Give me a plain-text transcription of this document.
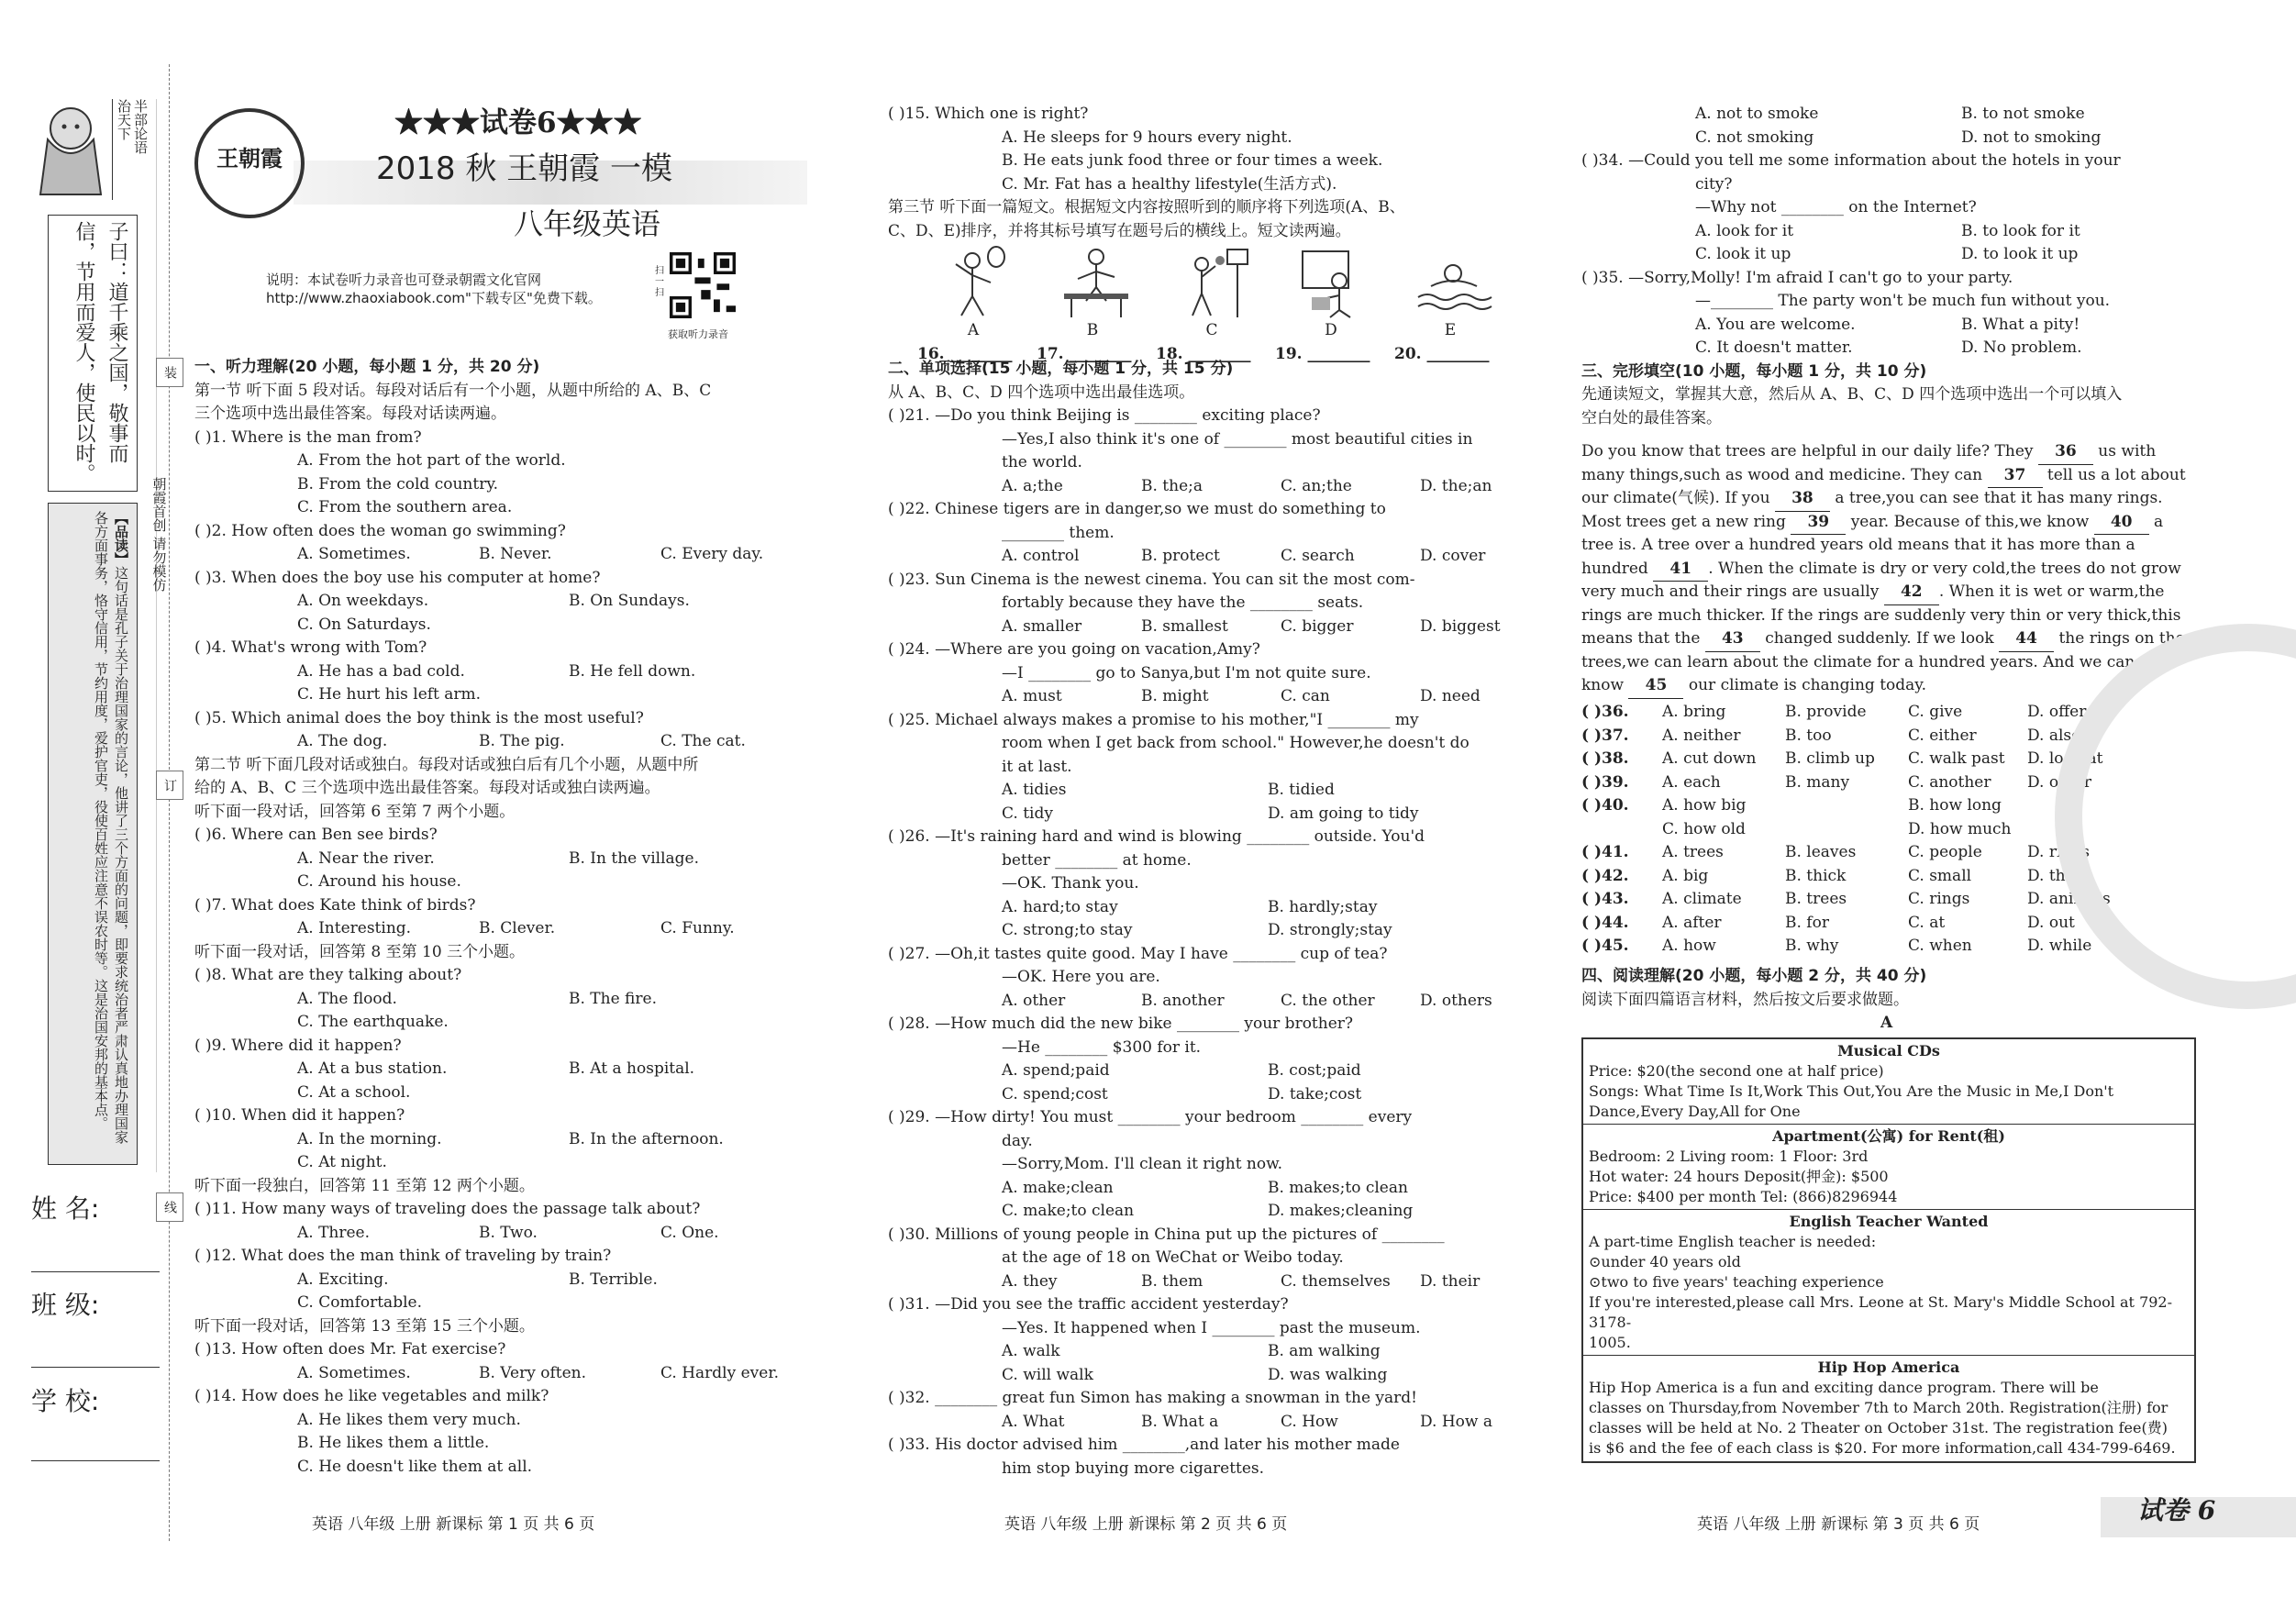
半部论语
治天下
子曰：道千乘之国，敬事而信，节用而爱人，使民以时。
【品读】这句话是孔子关于治理国家的言论，他讲了三个方面的问题，即要求统治者严肃认真地办理国家各方面事务，恪守信用，节约用度，爱护官吏，役使百姓应注意不误农时等。这是治国安邦的基本点。	朝霞首创 请勿模仿
姓 名:
班 级:
学 校:
装
订
线
王朝霞
★★★试卷6★★★
2018 秋 王朝霞 一模
八年级英语
说明：本试卷听力录音也可登录朝霞文化官网 http://www.zhaoxiabook.com"下载专区"免费下载。
扫一扫
获取听力录音
一、听力理解(20 小题，每小题 1 分，共 20 分)
第一节 听下面 5 段对话。每段对话后有一个小题，从题中所给的 A、B、C
三个选项中选出最佳答案。每段对话读两遍。
( )1. Where is the man from?
A. From the hot part of the world.
B. From the cold country.
C. From the southern area.
( )2. How often does the woman go swimming?
A. Sometimes.	B. Never.	C. Every day.
( )3. When does the boy use his computer at home?
A. On weekdays.	B. On Sundays.
C. On Saturdays.
( )4. What's wrong with Tom?
A. He has a bad cold.	B. He fell down.
C. He hurt his left arm.
( )5. Which animal does the boy think is the most useful?
A. The dog.	B. The pig.	C. The cat.
第二节 听下面几段对话或独白。每段对话或独白后有几个小题，从题中所
给的 A、B、C 三个选项中选出最佳答案。每段对话或独白读两遍。
听下面一段对话，回答第 6 至第 7 两个小题。
( )6. Where can Ben see birds?
A. Near the river.	B. In the village.
C. Around his house.
( )7. What does Kate think of birds?
A. Interesting.	B. Clever.	C. Funny.
听下面一段对话，回答第 8 至第 10 三个小题。
( )8. What are they talking about?
A. The flood.	B. The fire.
C. The earthquake.
( )9. Where did it happen?
A. At a bus station.	B. At a hospital.
C. At a school.
( )10. When did it happen?
A. In the morning.	B. In the afternoon.
C. At night.
听下面一段独白，回答第 11 至第 12 两个小题。
( )11. How many ways of traveling does the passage talk about?
A. Three.	B. Two.	C. One.
( )12. What does the man think of traveling by train?
A. Exciting.	B. Terrible.
C. Comfortable.
听下面一段对话，回答第 13 至第 15 三个小题。
( )13. How often does Mr. Fat exercise?
A. Sometimes.	B. Very often.	C. Hardly ever.
( )14. How does he like vegetables and milk?
A. He likes them very much.
B. He likes them a little.
C. He doesn't like them at all.
( )15. Which one is right?
A. He sleeps for 9 hours every night.
B. He eats junk food three or four times a week.
C. Mr. Fat has a healthy lifestyle(生活方式).
第三节 听下面一篇短文。根据短文内容按照听到的顺序将下列选项(A、B、
C、D、E)排序，并将其标号填写在题号后的横线上。短文读两遍。
A	B	C	D	E
16. ________ 17. ________ 18. ________ 19. ________ 20. ________
二、单项选择(15 小题，每小题 1 分，共 15 分)
从 A、B、C、D 四个选项中选出最佳选项。
( )21. —Do you think Beijing is ________ exciting place?
—Yes,I also think it's one of ________ most beautiful cities in
the world.
A. a;the	B. the;a	C. an;the	D. the;an
( )22. Chinese tigers are in danger,so we must do something to
________ them.
A. control	B. protect	C. search	D. cover
( )23. Sun Cinema is the newest cinema. You can sit the most com-
fortably because they have the ________ seats.
A. smaller	B. smallest	C. bigger	D. biggest
( )24. —Where are you going on vacation,Amy?
—I ________ go to Sanya,but I'm not quite sure.
A. must	B. might	C. can	D. need
( )25. Michael always makes a promise to his mother,"I ________ my
room when I get back from school." However,he doesn't do
it at last.
A. tidies	B. tidied
C. tidy	D. am going to tidy
( )26. —It's raining hard and wind is blowing ________ outside. You'd
better ________ at home.
—OK. Thank you.
A. hard;to stay	B. hardly;stay
C. strong;to stay	D. strongly;stay
( )27. —Oh,it tastes quite good. May I have ________ cup of tea?
—OK. Here you are.
A. other	B. another	C. the other	D. others
( )28. —How much did the new bike ________ your brother?
—He ________ $300 for it.
A. spend;paid	B. cost;paid
C. spend;cost	D. take;cost
( )29. —How dirty! You must ________ your bedroom ________ every
day.
—Sorry,Mom. I'll clean it right now.
A. make;clean	B. makes;to clean
C. make;to clean	D. makes;cleaning
( )30. Millions of young people in China put up the pictures of ________
at the age of 18 on WeChat or Weibo today.
A. they	B. them	C. themselves D. their
( )31. —Did you see the traffic accident yesterday?
—Yes. It happened when I ________ past the museum.
A. walk	B. am walking
C. will walk	D. was walking
( )32. ________ great fun Simon has making a snowman in the yard!
A. What	B. What a	C. How	D. How a
( )33. His doctor advised him ________,and later his mother made
him stop buying more cigarettes.
A. not to smoke	B. to not smoke
C. not smoking	D. not to smoking
( )34. —Could you tell me some information about the hotels in your
city?
—Why not ________ on the Internet?
A. look for it	B. to look for it
C. look it up	D. to look it up
( )35. —Sorry,Molly! I'm afraid I can't go to your party.
—________ The party won't be much fun without you.
A. You are welcome.	B. What a pity!
C. It doesn't matter.	D. No problem.
三、完形填空(10 小题，每小题 1 分，共 10 分)
先通读短文，掌握其大意，然后从 A、B、C、D 四个选项中选出一个可以填入
空白处的最佳答案。
Do you know that trees are helpful in our daily life? They 36 us with
many things,such as wood and medicine. They can 37 tell us a lot about
our climate(气候). If you 38 a tree,you can see that it has many rings.
Most trees get a new ring 39 year. Because of this,we know 40 a
tree is. A tree over a hundred years old means that it has more than a
hundred 41 . When the climate is dry or very cold,the trees do not grow
very much and their rings are usually 42 . When it is wet or warm,the
rings are much thicker. If the rings are suddenly very thin or very thick,this
means that the 43 changed suddenly. If we look 44 the rings on the
trees,we can learn about the climate for a hundred years. And we can
know 45 our climate is changing today.
( )36. A. bring	B. provide	C. give	D. offer
( )37. A. neither	B. too	C. either	D. also
( )38. A. cut down B. climb up C. walk past D. look at
( )39. A. each	B. many	C. another D. other
( )40. A. how big	B. how long
C. how old	D. how much
( )41. A. trees	B. leaves	C. people	D. rings
( )42. A. big	B. thick	C. small	D. thin
( )43. A. climate	B. trees	C. rings	D. animals
( )44. A. after	B. for	C. at	D. out
( )45. A. how	B. why	C. when	D. while
四、阅读理解(20 小题，每小题 2 分，共 40 分)
阅读下面四篇语言材料，然后按文后要求做题。
A
Musical CDs
Price: $20(the second one at half price)
Songs: What Time Is It,Work This Out,You Are the Music in Me,I Don't
Dance,Every Day,All for One
Apartment(公寓) for Rent(租)
Bedroom: 2 Living room: 1 Floor: 3rd
Hot water: 24 hours Deposit(押金): $500
Price: $400 per month Tel: (866)8296944
English Teacher Wanted
A part-time English teacher is needed:
⊙under 40 years old
⊙two to five years' teaching experience
If you're interested,please call Mrs. Leone at St. Mary's Middle School at 792-3178-
1005.
Hip Hop America
Hip Hop America is a fun and exciting dance program. There will be
classes on Thursday,from November 7th to March 20th. Registration(注册) for
classes will be held at No. 2 Theater on October 31st. The registration fee(费)
is $6 and the fee of each class is $20. For more information,call 434-799-6469.
英语 八年级 上册 新课标 第 1 页 共 6 页	英语 八年级 上册 新课标 第 2 页 共 6 页	英语 八年级 上册 新课标 第 3 页 共 6 页	试卷 6
